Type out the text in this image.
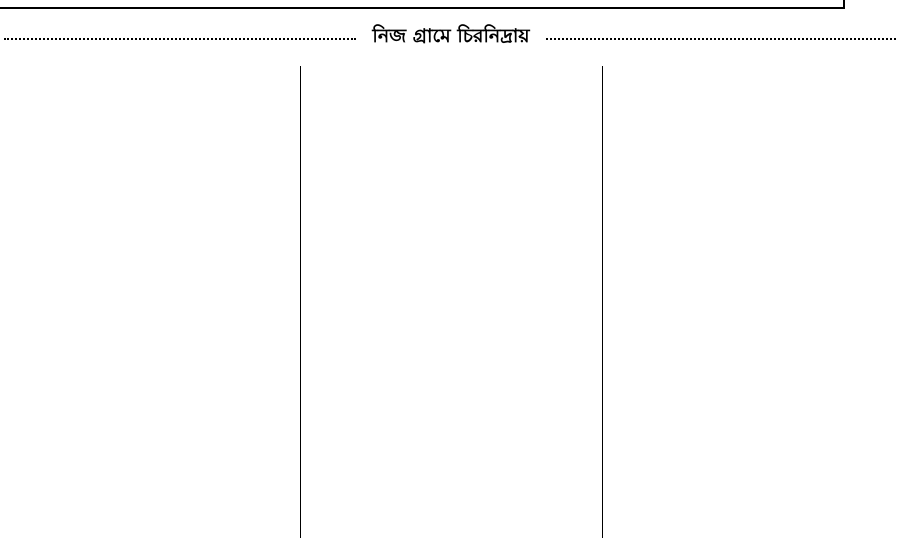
নিজ গ্রামে চিরনিদ্রায়
